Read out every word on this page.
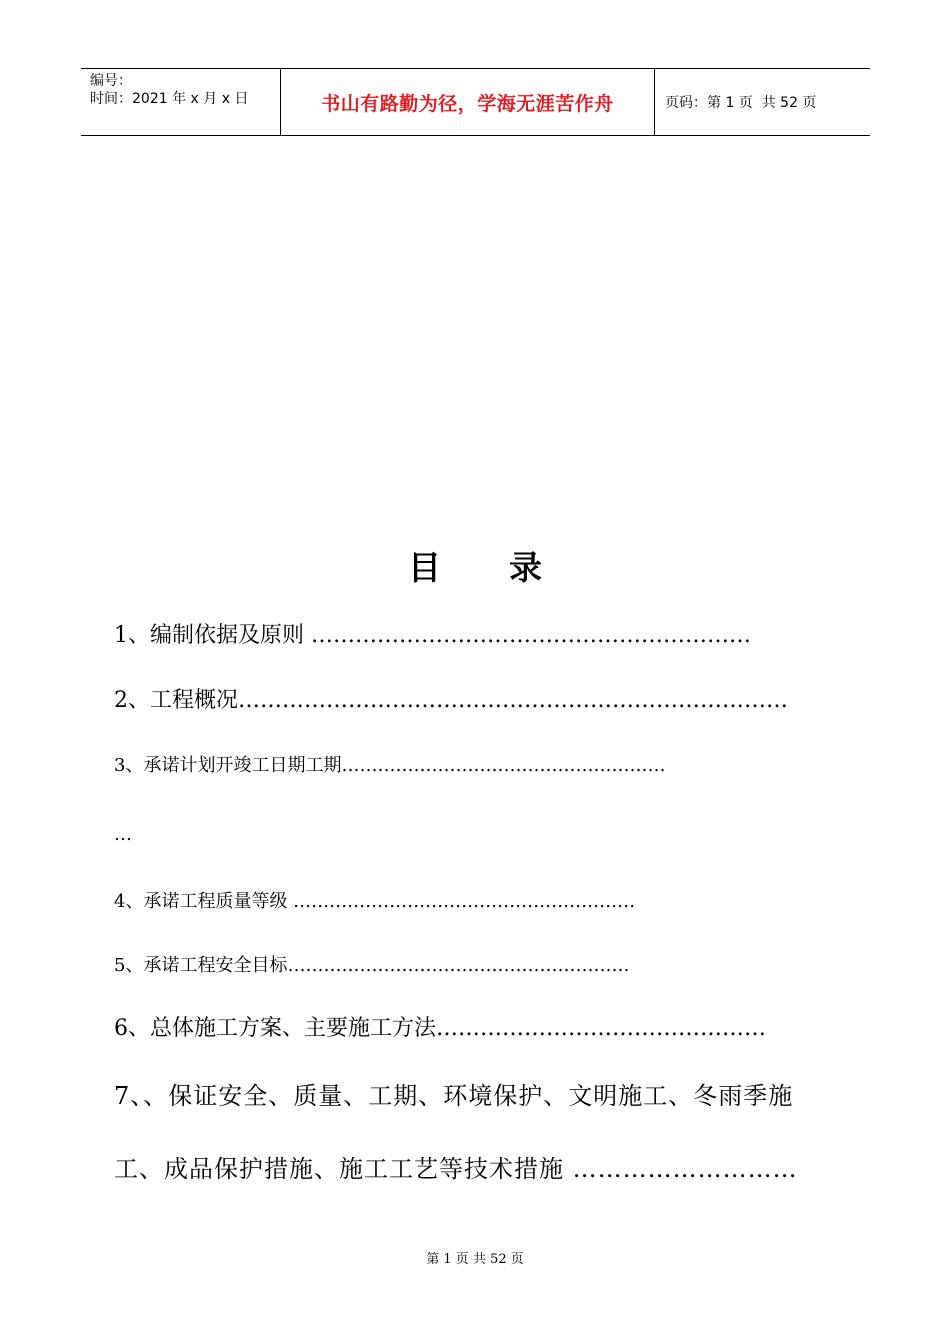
编号：
时间：2021 年 x 月 x 日	书山有路勤为径，学海无涯苦作舟	页码：第 1 页  共 52 页
目 录
1、编制依据及原则 ……………………………………………………
2、工程概况…………………………………………………………………
3、承诺计划开竣工日期工期………………………………………………
…
4、承诺工程质量等级 …………………………………………………
5、承诺工程安全目标…………………………………………………
6、总体施工方案、主要施工方法………………………………………
7、、保证安全、质量、工期、环境保护、文明施工、冬雨季施
工、成品保护措施、施工工艺等技术措施 ………………………
第 1 页 共 52 页
